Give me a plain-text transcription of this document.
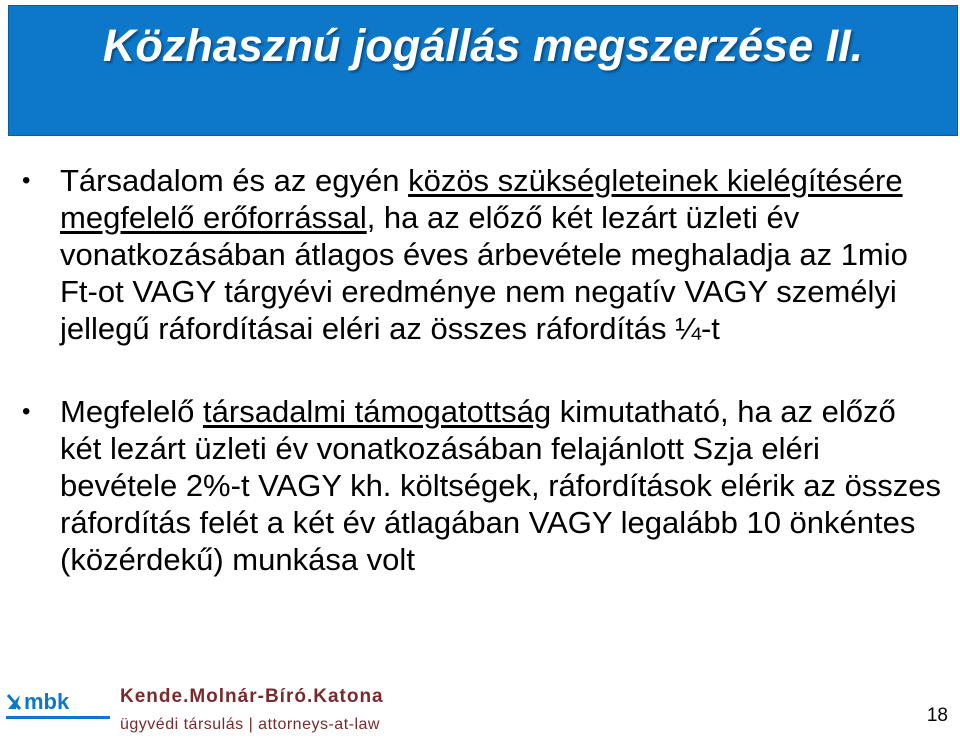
Közhasznú jogállás megszerzése II.
• Társadalom és az egyén közös szükségleteinek kielégítésére megfelelő erőforrással, ha az előző két lezárt üzleti év vonatkozásában átlagos éves árbevétele meghaladja az 1mio Ft-ot VAGY tárgyévi eredménye nem negatív VAGY személyi jellegű ráfordításai eléri az összes ráfordítás ¼-t
• Megfelelő társadalmi támogatottság kimutatható, ha az előző két lezárt üzleti év vonatkozásában felajánlott Szja eléri bevétele 2%-t VAGY kh. költségek, ráfordítások elérik az összes ráfordítás felét a két év átlagában VAGY legalább 10 önkéntes (közérdekű) munkása volt
mbk	Kende.Molnár-Bíró.Katona
ügyvédi társulás | attorneys-at-law	18
